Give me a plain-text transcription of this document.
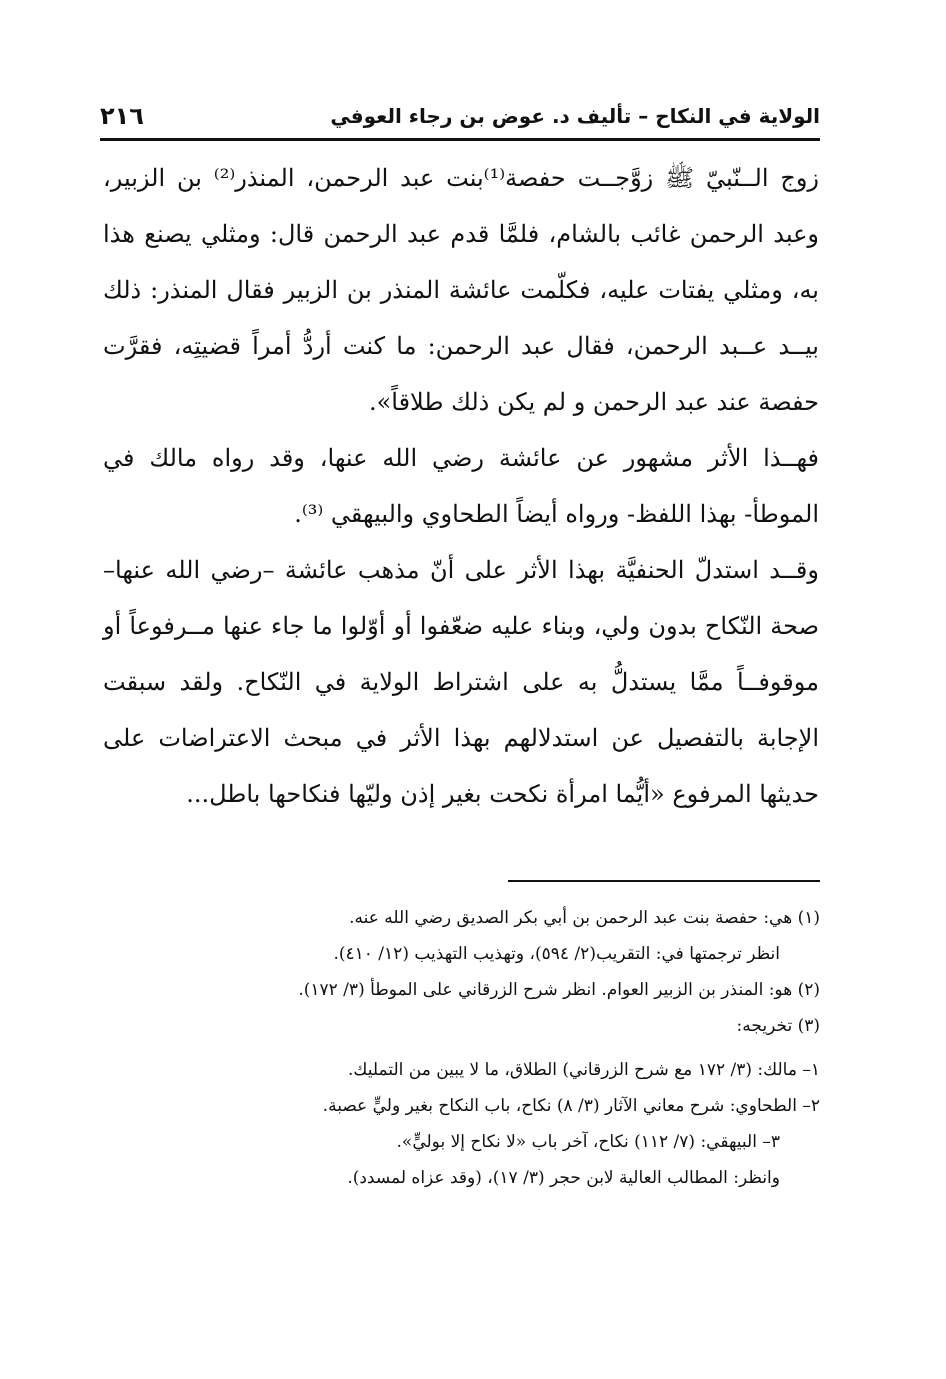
الولاية في النكاح – تأليف د. عوض بن رجاء العوفي
٢١٦

زوج الــنّبيّ ﷺ زوَّجــت حفصة⁽¹⁾بنت عبد الرحمن، المنذر⁽²⁾ بن الزبير، وعبد الرحمن غائب بالشام، فلمَّا قدم عبد الرحمن قال: ومثلي يصنع هذا به، ومثلي يفتات عليه، فكلّمت عائشة المنذر بن الزبير فقال المنذر: ذلك بيــد عــبد الرحمن، فقال عبد الرحمن: ما كنت أردُّ أمراً قضيتِه، فقرَّت حفصة عند عبد الرحمن و لم يكن ذلك طلاقاً».

فهــذا الأثر مشهور عن عائشة رضي الله عنها، وقد رواه مالك في الموطأ- بهذا اللفظ- ورواه أيضاً الطحاوي والبيهقي ⁽³⁾.

وقــد استدلّ الحنفيَّة بهذا الأثر على أنّ مذهب عائشة –رضي الله عنها– صحة النّكاح بدون ولي، وبناء عليه ضعّفوا أو أوّلوا ما جاء عنها مــرفوعاً أو موقوفــاً ممَّا يستدلُّ به على اشتراط الولاية في النّكاح. ولقد سبقت الإجابة بالتفصيل عن استدلالهم بهذا الأثر في مبحث الاعتراضات على حديثها المرفوع «أيُّما امرأة نكحت بغير إذن وليّها فنكاحها باطل...

(١) هي: حفصة بنت عبد الرحمن بن أبي بكر الصديق رضي الله عنه.
انظر ترجمتها في: التقريب(٢/ ٥٩٤)، وتهذيب التهذيب (١٢/ ٤١٠).
(٢) هو: المنذر بن الزبير العوام. انظر شرح الزرقاني على الموطأ (٣/ ١٧٢).
(٣) تخريجه:
١– مالك: (٣/ ١٧٢ مع شرح الزرقاني) الطلاق، ما لا يبين من التمليك.
٢– الطحاوي: شرح معاني الآثار (٣/ ٨) نكاح، باب النكاح بغير وليٍّ عصبة.
٣– البيهقي: (٧/ ١١٢) نكاح، آخر باب «لا نكاح إلا بوليٍّ».
وانظر: المطالب العالية لابن حجر (٣/ ١٧)، (وقد عزاه لمسدد).
